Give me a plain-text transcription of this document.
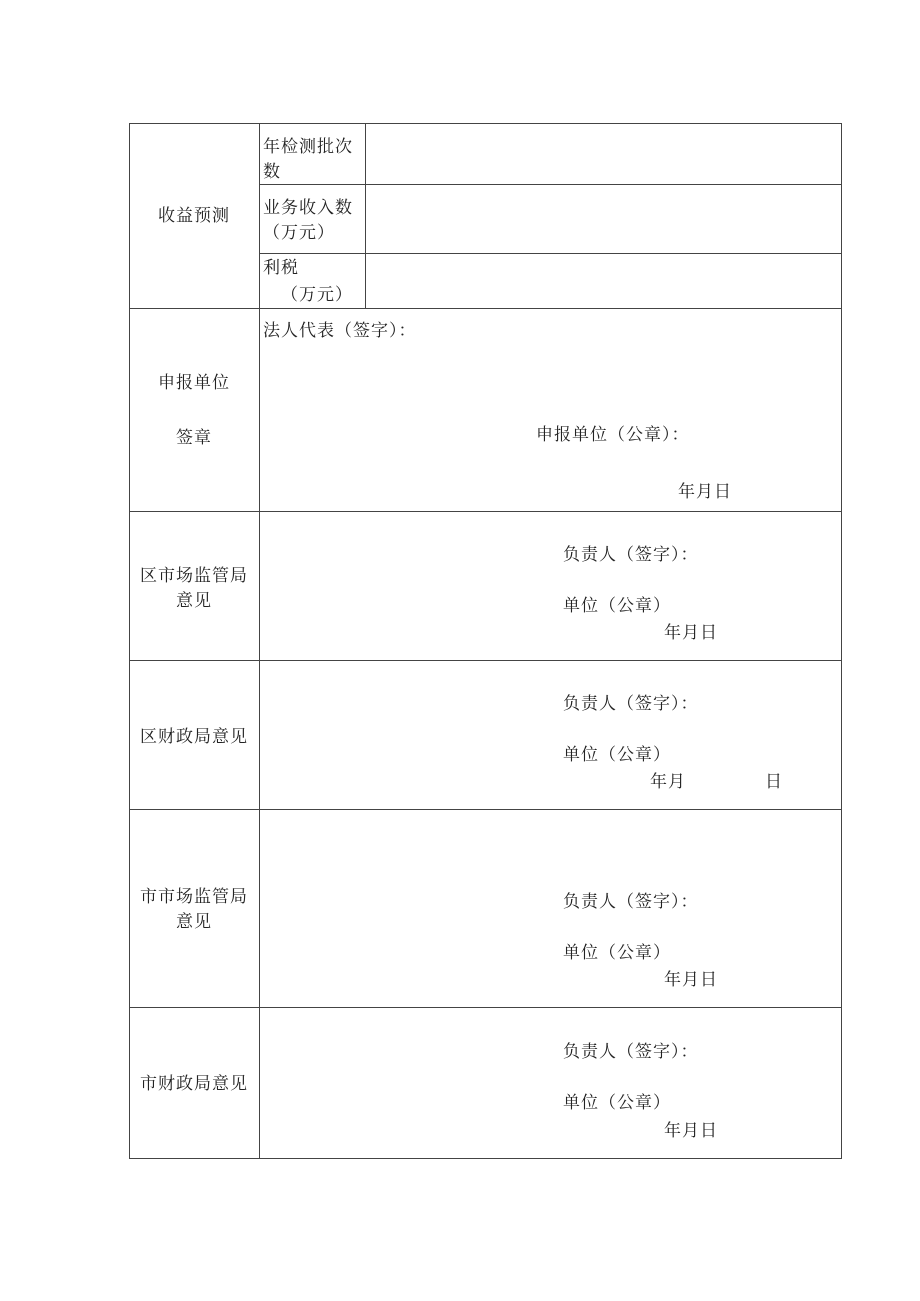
收益预测
年检测批次
数
业务收入数
（万元）
利税
（万元）
申报单位
签章
法人代表（签字）：
申报单位（公章）：
年月日
区市场监管局
意见
负责人（签字）：
单位（公章）
年月日
区财政局意见
负责人（签字）：
单位（公章）
年月	日
市市场监管局
意见
负责人（签字）：
单位（公章）
年月日
市财政局意见
负责人（签字）：
单位（公章）
年月日
